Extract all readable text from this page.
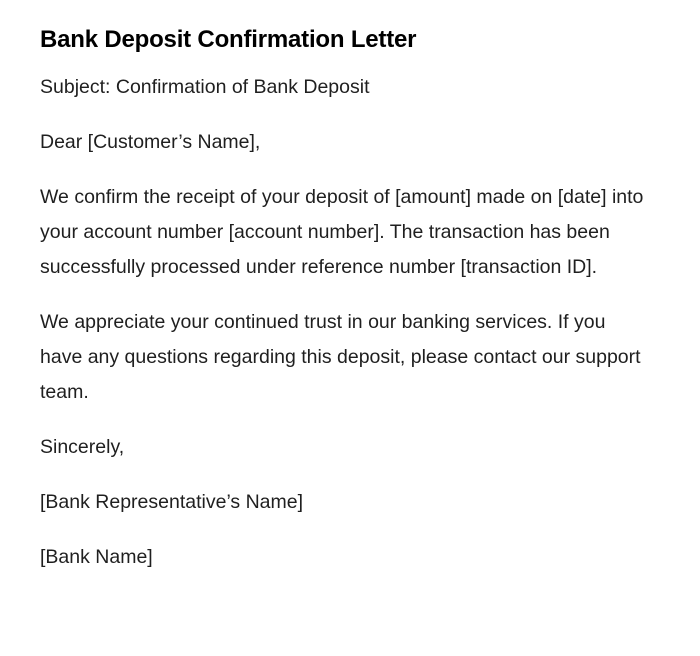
Bank Deposit Confirmation Letter

Subject: Confirmation of Bank Deposit

Dear [Customer’s Name],

We confirm the receipt of your deposit of [amount] made on [date] into your account number [account number]. The transaction has been successfully processed under reference number [transaction ID].

We appreciate your continued trust in our banking services. If you have any questions regarding this deposit, please contact our support team.

Sincerely,

[Bank Representative’s Name]

[Bank Name]
